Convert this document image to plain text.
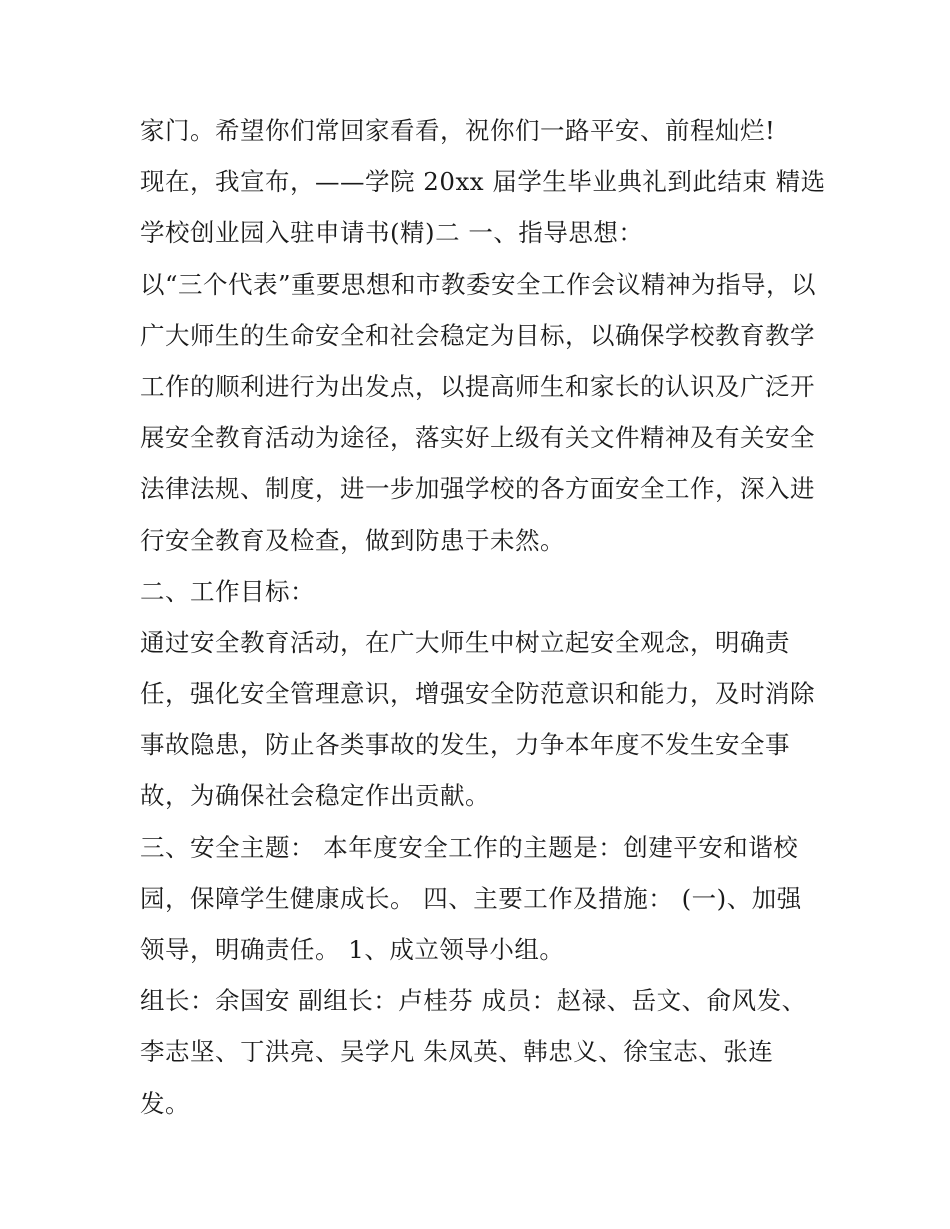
家门。希望你们常回家看看，祝你们一路平安、前程灿烂!
现在，我宣布，——学院 20xx 届学生毕业典礼到此结束 精选
学校创业园入驻申请书(精)二 一、指导思想：
以“三个代表”重要思想和市教委安全工作会议精神为指导，以
广大师生的生命安全和社会稳定为目标，以确保学校教育教学
工作的顺利进行为出发点，以提高师生和家长的认识及广泛开
展安全教育活动为途径，落实好上级有关文件精神及有关安全
法律法规、制度，进一步加强学校的各方面安全工作，深入进
行安全教育及检查，做到防患于未然。
二、工作目标：
通过安全教育活动，在广大师生中树立起安全观念，明确责
任，强化安全管理意识，增强安全防范意识和能力，及时消除
事故隐患，防止各类事故的发生，力争本年度不发生安全事
故，为确保社会稳定作出贡献。
三、安全主题： 本年度安全工作的主题是：创建平安和谐校
园，保障学生健康成长。 四、主要工作及措施： (一)、加强
领导，明确责任。 1、成立领导小组。
组长：余国安 副组长：卢桂芬 成员：赵禄、岳文、俞风发、
李志坚、丁洪亮、吴学凡 朱凤英、韩忠义、徐宝志、张连
发。
